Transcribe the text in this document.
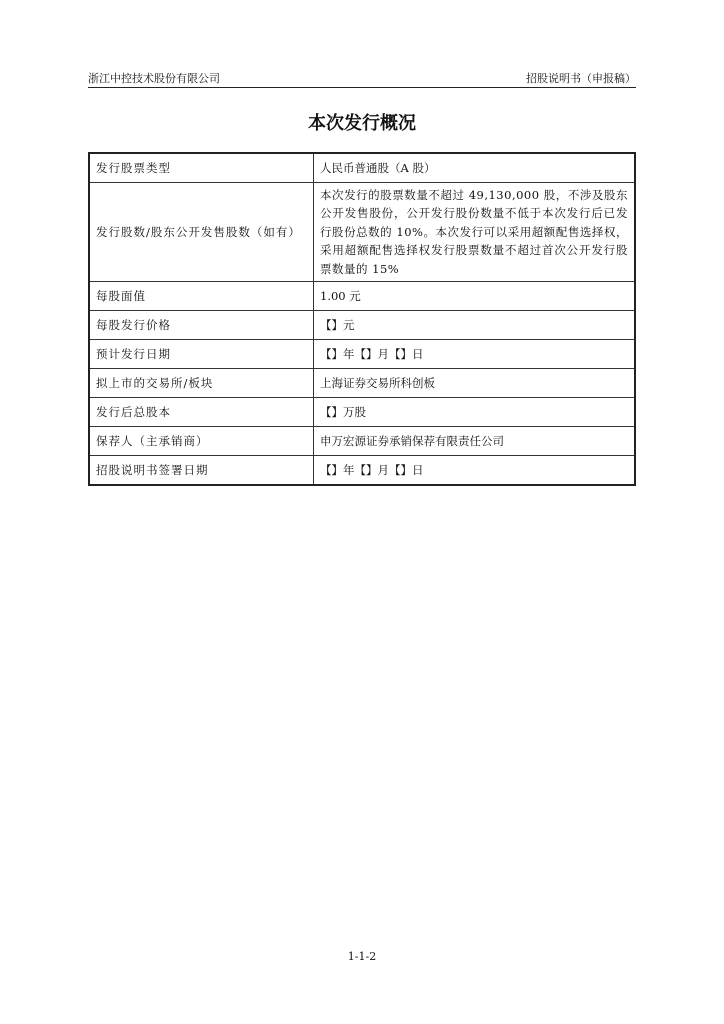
浙江中控技术股份有限公司	招股说明书（申报稿）
本次发行概况
发行股票类型	人民币普通股（A 股）
发行股数/股东公开发售股数（如有）	本次发行的股票数量不超过 49,130,000 股，不涉及股东公开发售股份，公开发行股份数量不低于本次发行后已发行股份总数的 10%。本次发行可以采用超额配售选择权，采用超额配售选择权发行股票数量不超过首次公开发行股票数量的 15%
每股面值	1.00 元
每股发行价格	【】元
预计发行日期	【】年【】月【】日
拟上市的交易所/板块	上海证券交易所科创板
发行后总股本	【】万股
保荐人（主承销商）	申万宏源证券承销保荐有限责任公司
招股说明书签署日期	【】年【】月【】日
1-1-2
